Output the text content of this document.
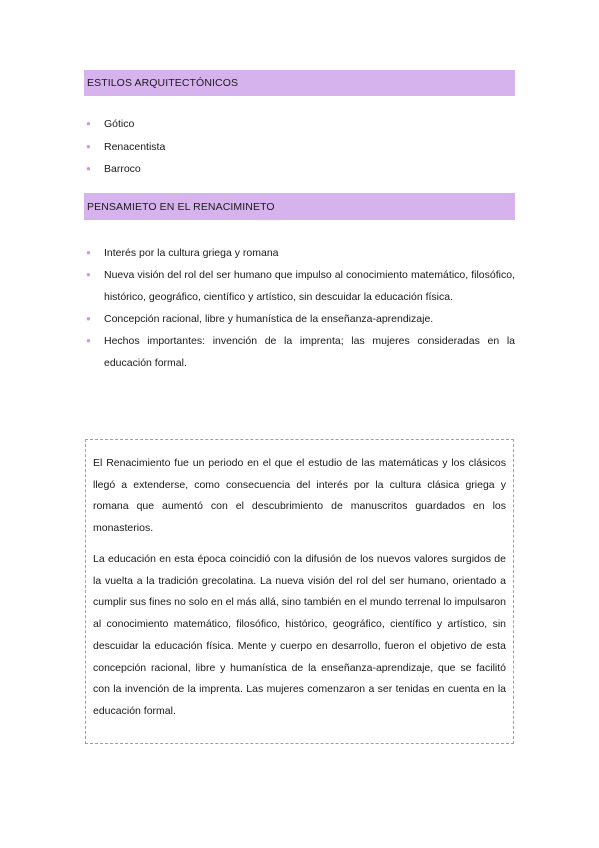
ESTILOS ARQUITECTÓNICOS
● Gótico
● Renacentista
● Barroco
PENSAMIETO EN EL RENACIMINETO
● Interés por la cultura griega y romana
● Nueva visión del rol del ser humano que impulso al conocimiento matemático, filosófico, histórico, geográfico, científico y artístico, sin descuidar la educación física.
● Concepción racional, libre y humanística de la enseñanza-aprendizaje.
● Hechos importantes: invención de la imprenta; las mujeres consideradas en la educación formal.

El Renacimiento fue un periodo en el que el estudio de las matemáticas y los clásicos llegó a extenderse, como consecuencia del interés por la cultura clásica griega y romana que aumentó con el descubrimiento de manuscritos guardados en los monasterios.

La educación en esta época coincidió con la difusión de los nuevos valores surgidos de la vuelta a la tradición grecolatina. La nueva visión del rol del ser humano, orientado a cumplir sus fines no solo en el más allá, sino también en el mundo terrenal lo impulsaron al conocimiento matemático, filosófico, histórico, geográfico, científico y artístico, sin descuidar la educación física. Mente y cuerpo en desarrollo, fueron el objetivo de esta concepción racional, libre y humanística de la enseñanza-aprendizaje, que se facilitó con la invención de la imprenta. Las mujeres comenzaron a ser tenidas en cuenta en la educación formal.
